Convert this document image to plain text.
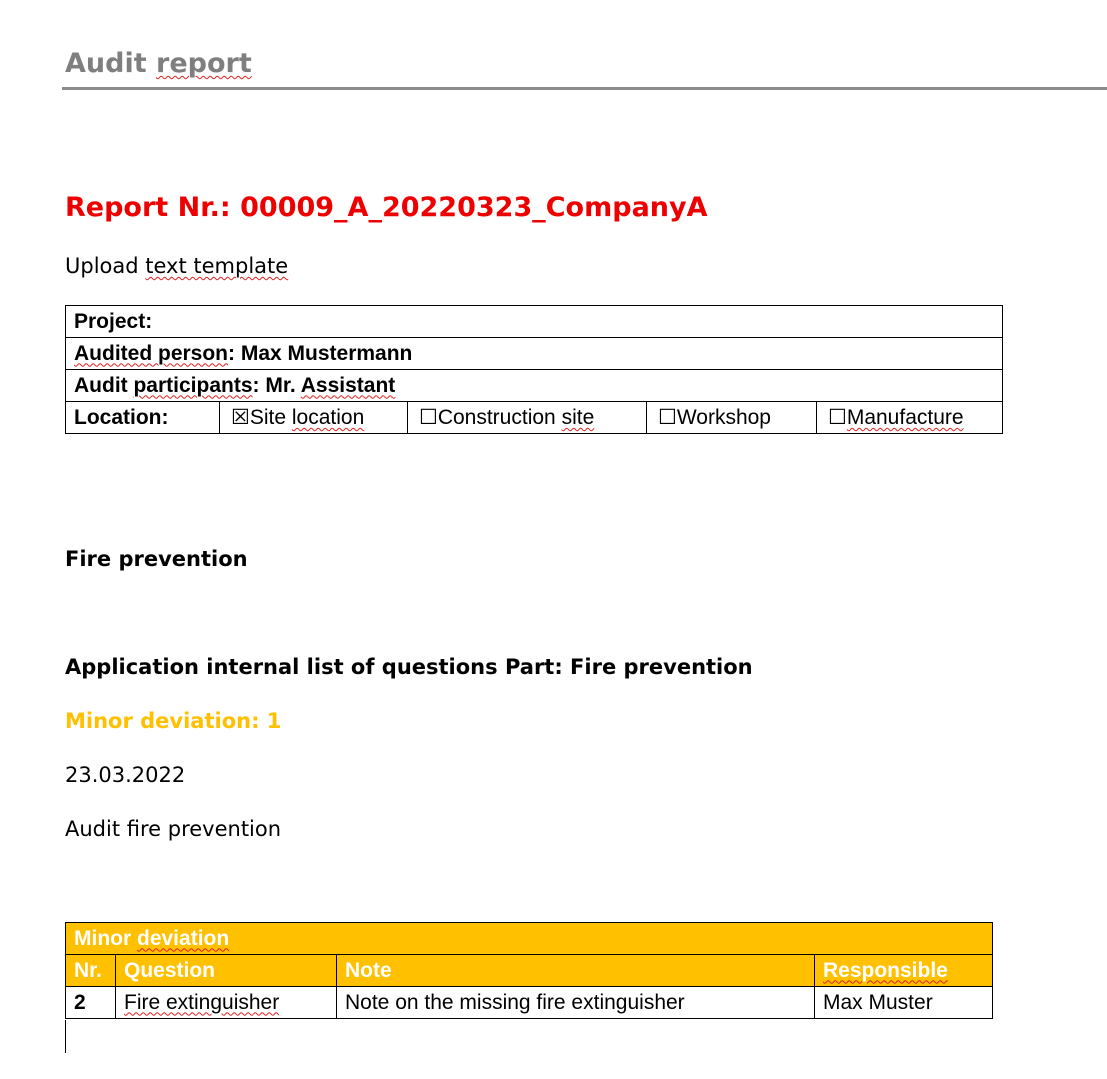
Audit report
Report Nr.: 00009_A_20220323_CompanyA
Upload text template
Project:
Audited person: Max Mustermann
Audit participants: Mr. Assistant
Location:	☒Site location	☐Construction site	☐Workshop	☐Manufacture
Fire prevention
Application internal list of questions Part: Fire prevention
Minor deviation: 1
23.03.2022
Audit fire prevention
Minor deviation			
Nr.	Question	Note	Responsible
2	Fire extinguisher	Note on the missing fire extinguisher	Max Muster
